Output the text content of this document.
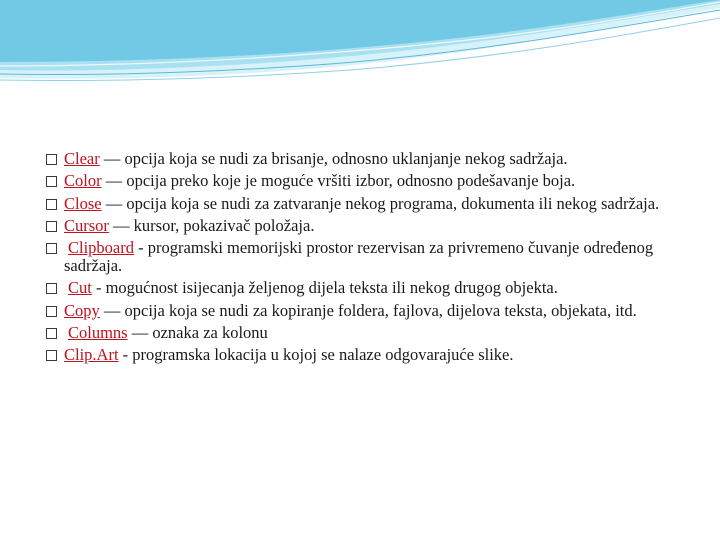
Clear — opcija koja se nudi za brisanje, odnosno uklanjanje nekog sadržaja.
Color — opcija preko koje je moguće vršiti izbor, odnosno podešavanje boja.
Close — opcija koja se nudi za zatvaranje nekog programa, dokumenta ili nekog sadržaja.
Cursor — kursor, pokazivač položaja.
Clipboard - programski memorijski prostor rezervisan za privremeno čuvanje određenog sadržaja.
Cut - mogućnost isijecanja željenog dijela teksta ili nekog drugog objekta.
Copy — opcija koja se nudi za kopiranje foldera, fajlova, dijelova teksta, objekata, itd.
Columns — oznaka za kolonu
Clip.Art - programska lokacija u kojoj se nalaze odgovarajuće slike.
